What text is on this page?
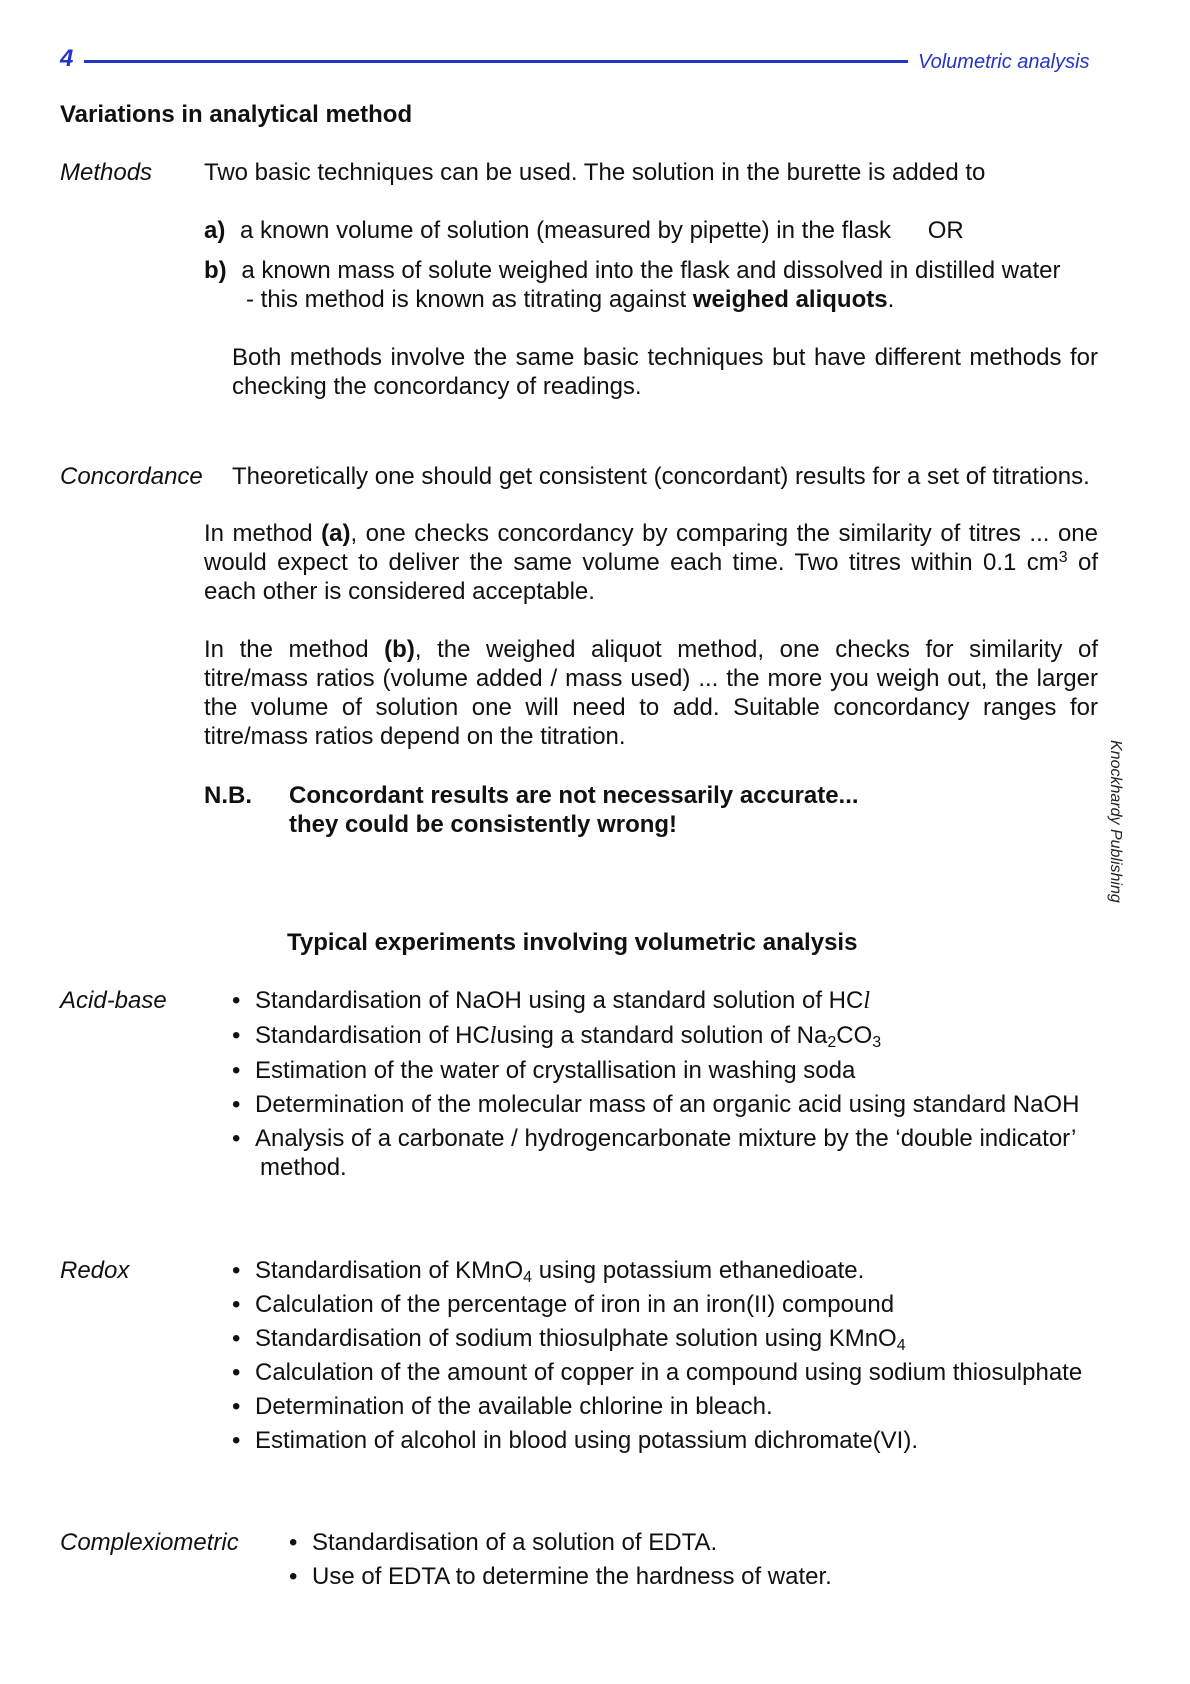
4	Volumetric analysis
Knockhardy Publishing
Variations in analytical method
Methods Two basic techniques can be used. The solution in the burette is added to
a) a known volume of solution (measured by pipette) in the flask OR
b) a known mass of solute weighed into the flask and dissolved in distilled water
- this method is known as titrating against weighed aliquots.
Both methods involve the same basic techniques but have different methods for checking the concordancy of readings.
Concordance Theoretically one should get consistent (concordant) results for a set of titrations.
In method (a), one checks concordancy by comparing the similarity of titres ... one would expect to deliver the same volume each time. Two titres within 0.1 $cm^3$ of each other is considered acceptable.
In the method (b), the weighed aliquot method, one checks for similarity of titre/mass ratios (volume added / mass used) ... the more you weigh out, the larger the volume of solution one will need to add. Suitable concordancy ranges for titre/mass ratios depend on the titration.
N.B. Concordant results are not necessarily accurate...
they could be consistently wrong!
Typical experiments involving volumetric analysis
Acid-base	• Standardisation of NaOH using a standard solution of HCl
• Standardisation of HClusing a standard solution of $Na_2CO_3$
• Estimation of the water of crystallisation in washing soda
• Determination of the molecular mass of an organic acid using standard NaOH
• Analysis of a carbonate / hydrogencarbonate mixture by the ‘double indicator’
method.
Redox	• Standardisation of KMnO$_4$ using potassium ethanedioate.
• Calculation of the percentage of iron in an iron(II) compound
• Standardisation of sodium thiosulphate solution using KMnO$_4$
• Calculation of the amount of copper in a compound using sodium thiosulphate
• Determination of the available chlorine in bleach.
• Estimation of alcohol in blood using potassium dichromate(VI).
Complexiometric • Standardisation of a solution of EDTA.
• Use of EDTA to determine the hardness of water.
